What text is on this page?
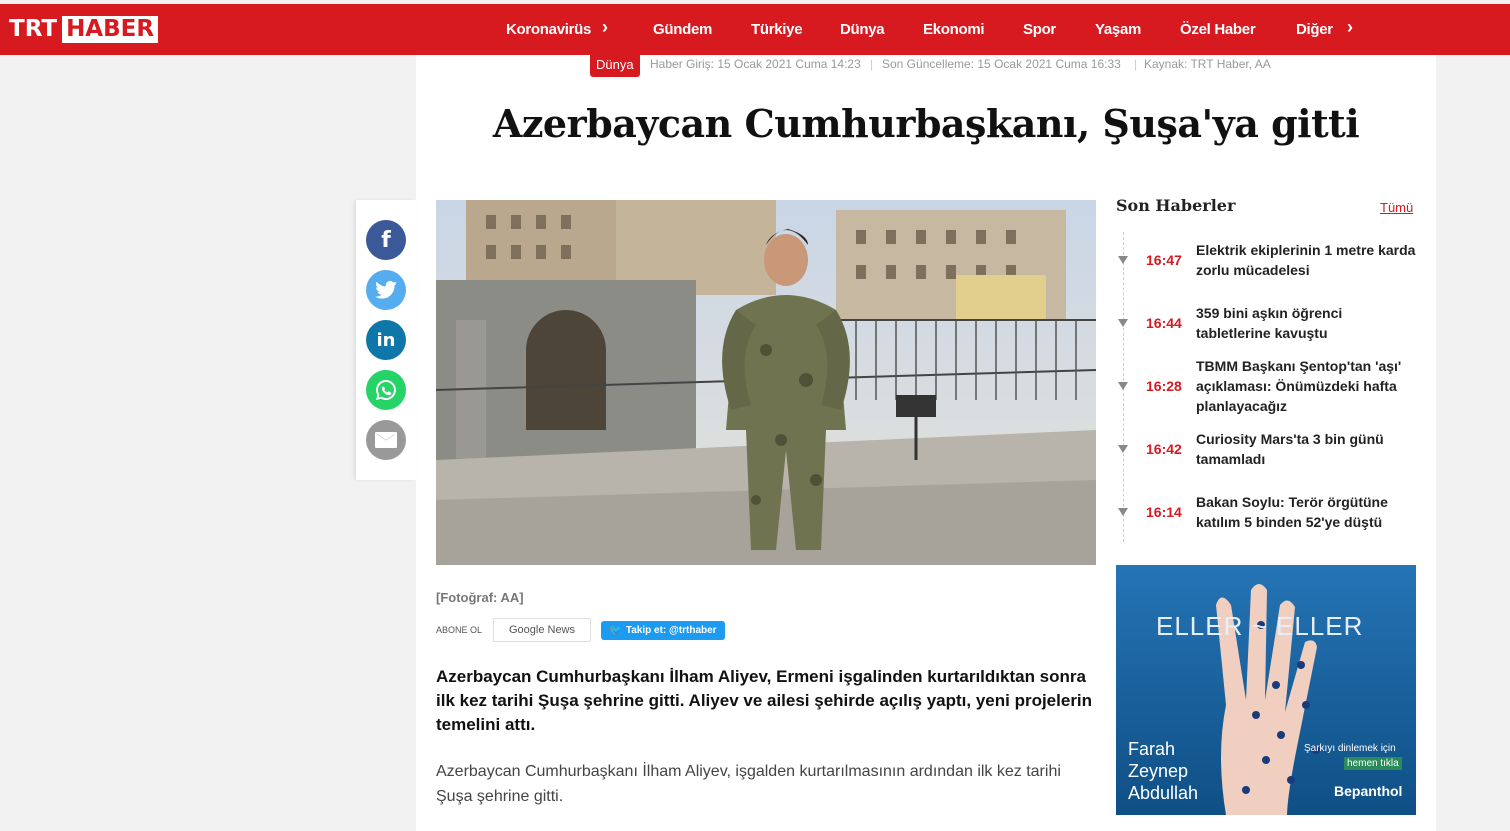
TRT HABER	Koronavirüs ›	Gündem	Türkiye	Dünya	Ekonomi	Spor	Yaşam	Özel Haber	Diğer ›
Dünya	Haber Giriş: 15 Ocak 2021 Cuma 14:23 | Son Güncelleme: 15 Ocak 2021 Cuma 16:33 | Kaynak: TRT Haber, AA
Azerbaycan Cumhurbaşkanı, Şuşa'ya gitti
f
in
[Fotoğraf: AA]
ABONE OL Google News	🐦 Takip et: @trthaber

Azerbaycan Cumhurbaşkanı İlham Aliyev, Ermeni işgalinden kurtarıldıktan sonra ilk kez tarihi Şuşa şehrine gitti. Aliyev ve ailesi şehirde açılış yaptı, yeni projelerin temelini attı.

Azerbaycan Cumhurbaşkanı İlham Aliyev, işgalden kurtarılmasının ardından ilk kez tarihi Şuşa şehrine gitti.

Son Haberler	Tümü
16:47
Elektrik ekiplerinin 1 metre karda zorlu mücadelesi
16:44
359 bini aşkın öğrenci tabletlerine kavuştu
16:28
TBMM Başkanı Şentop'tan 'aşı' açıklaması: Önümüzdeki hafta planlayacağız
16:42
Curiosity Mars'ta 3 bin günü tamamladı
16:14
Bakan Soylu: Terör örgütüne katılım 5 binden 52'ye düştü
ELLER ~ ELLER
Farah
Zeynep
Abdullah
Şarkıyı dinlemek için
hemen tıkla
Bepanthol
